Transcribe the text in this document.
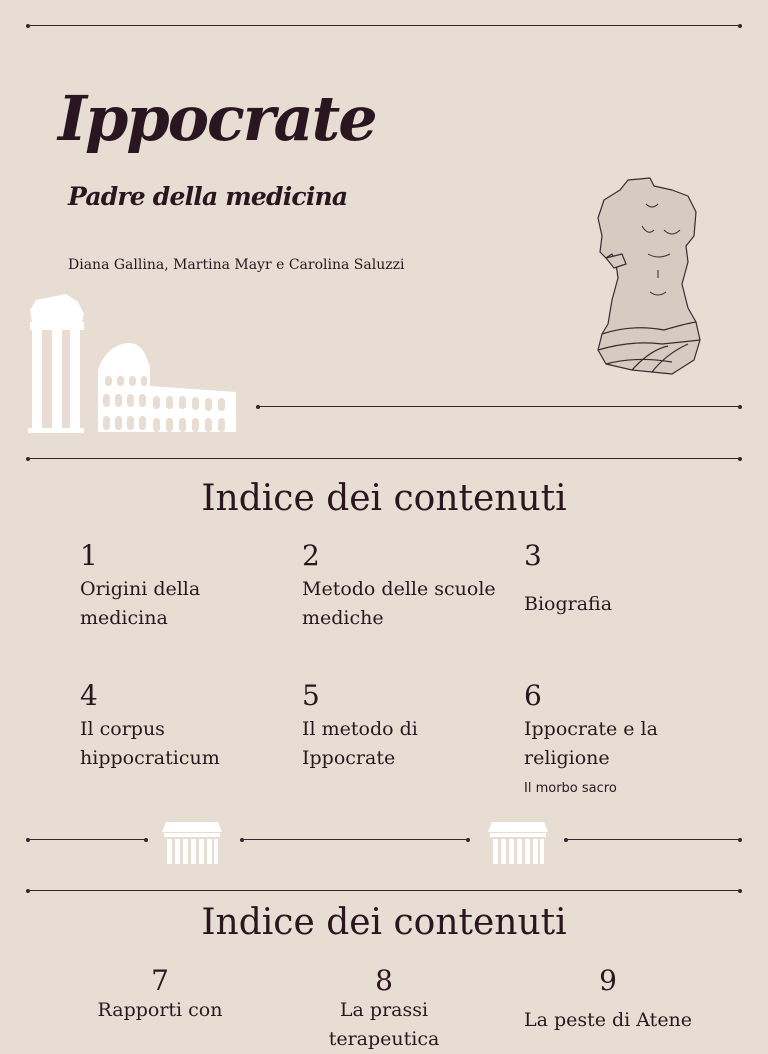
Ippocrate
Padre della medicina
Diana Gallina, Martina Mayr e Carolina Saluzzi
Indice dei contenuti
1
Origini della medicina
2
Metodo delle scuole mediche
3
Biografia
4
Il corpus hippocraticum
5
Il metodo di Ippocrate
6
Ippocrate e la religione
Il morbo sacro
Indice dei contenuti
7
Rapporti con
8
La prassi terapeutica
9
La peste di Atene
